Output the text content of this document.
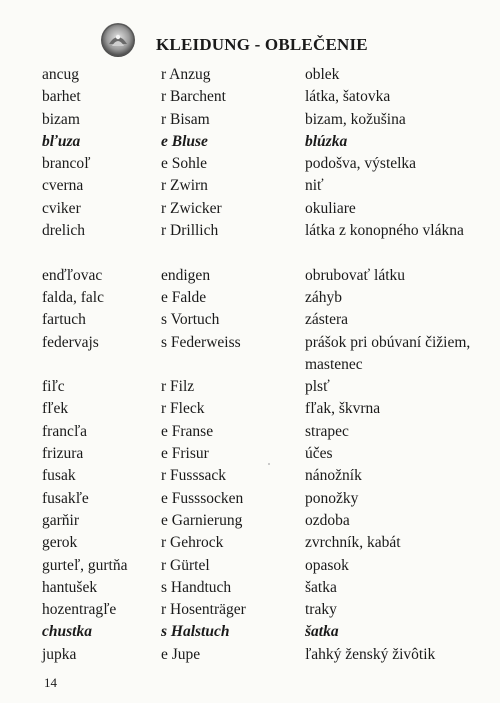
KLEIDUNG - OBLEČENIE
ancug	r Anzug	oblek
barhet	r Barchent	látka, šatovka
bizam	r Bisam	bizam, kožušina
bľuza	e Bluse	blúzka
brancoľ	e Sohle	podošva, výstelka
cverna	r Zwirn	niť
cviker	r Zwicker	okuliare
drelich	r Drillich	látka z konopného vlákna
enďľovac	endigen	obrubovať látku
falda, falc	e Falde	záhyb
fartuch	s Vortuch	zástera
federvajs	s Federweiss	prášok pri obúvaní čižiem, mastenec
fiľc	r Filz	plsť
fľek	r Fleck	fľak, škvrna
francľa	e Franse	strapec
frizura	e Frisur	účes
fusak	r Fusssack	nánožník
fusakľe	e Fusssocken	ponožky
garňir	e Garnierung	ozdoba
gerok	r Gehrock	zvrchník, kabát
gurteľ, gurtňa	r Gürtel	opasok
hantušek	s Handtuch	šatka
hozentragľe	r Hosenträger	traky
chustka	s Halstuch	šatka
jupka	e Jupe	ľahký ženský živôtik
14
